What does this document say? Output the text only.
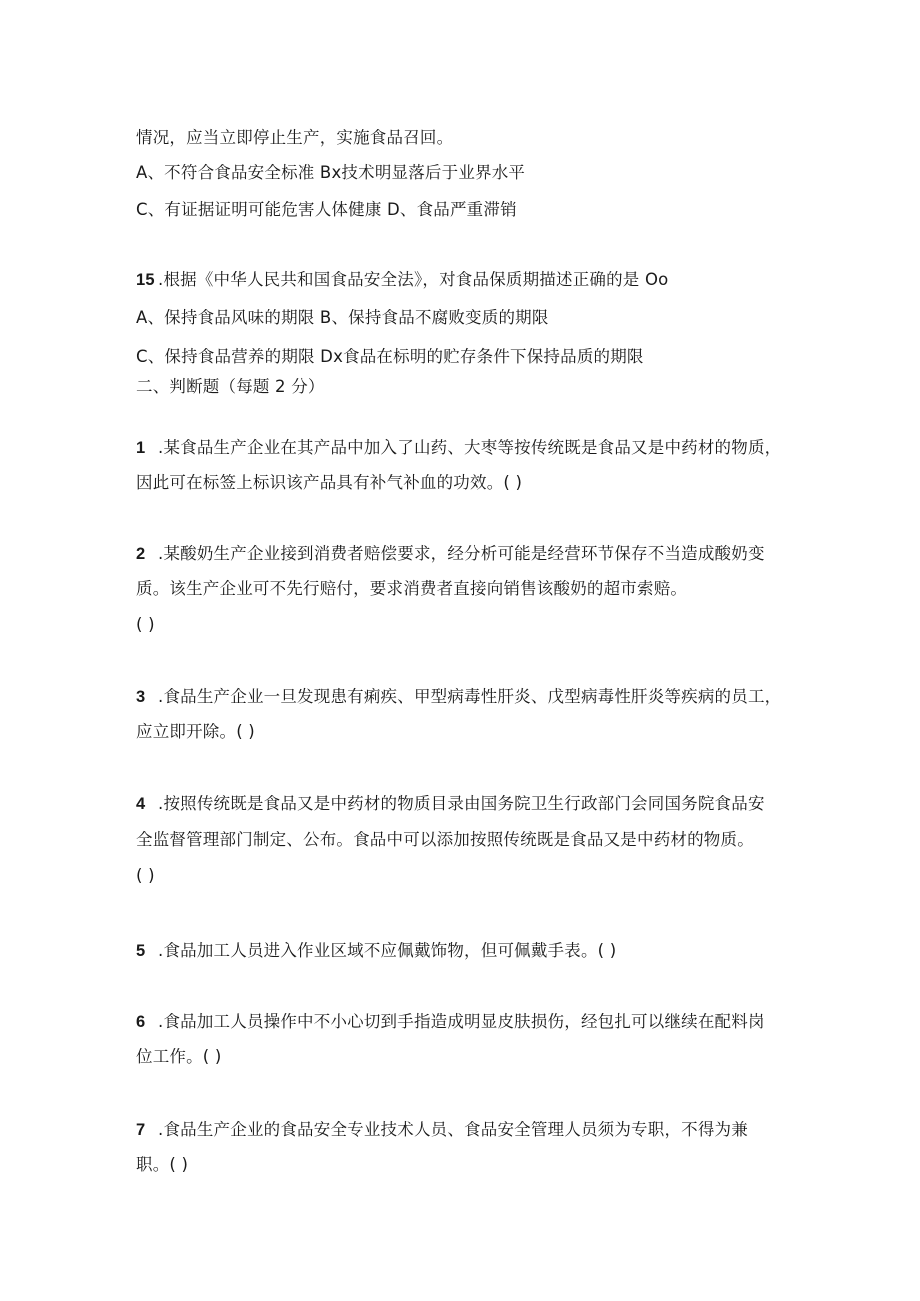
情况，应当立即停止生产，实施食品召回。
A、不符合食品安全标准 Bx技术明显落后于业界水平
C、有证据证明可能危害人体健康 D、食品严重滞销
15 .根据《中华人民共和国食品安全法》，对食品保质期描述正确的是 Oo
A、保持食品风味的期限 B、保持食品不腐败变质的期限
C、保持食品营养的期限 Dx食品在标明的贮存条件下保持品质的期限
二、判断题（每题 2 分）
1 .某食品生产企业在其产品中加入了山药、大枣等按传统既是食品又是中药材的物质，
因此可在标签上标识该产品具有补气补血的功效。( )
2 .某酸奶生产企业接到消费者赔偿要求，经分析可能是经营环节保存不当造成酸奶变
质。该生产企业可不先行赔付，要求消费者直接向销售该酸奶的超市索赔。
( )
3 .食品生产企业一旦发现患有痢疾、甲型病毒性肝炎、戊型病毒性肝炎等疾病的员工，
应立即开除。( )
4 .按照传统既是食品又是中药材的物质目录由国务院卫生行政部门会同国务院食品安
全监督管理部门制定、公布。食品中可以添加按照传统既是食品又是中药材的物质。
( )
5 .食品加工人员进入作业区域不应佩戴饰物，但可佩戴手表。( )
6 .食品加工人员操作中不小心切到手指造成明显皮肤损伤，经包扎可以继续在配料岗
位工作。( )
7 .食品生产企业的食品安全专业技术人员、食品安全管理人员须为专职，不得为兼
职。( )
